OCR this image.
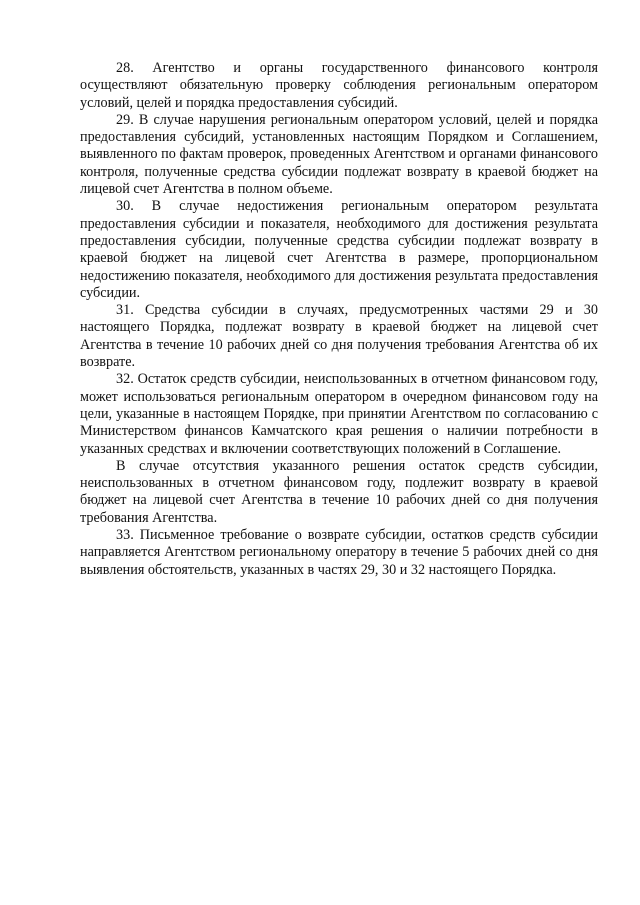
28. Агентство и органы государственного финансового контроля осуществляют обязательную проверку соблюдения региональным оператором условий, целей и порядка предоставления субсидий.

29. В случае нарушения региональным оператором условий, целей и порядка предоставления субсидий, установленных настоящим Порядком и Соглашением, выявленного по фактам проверок, проведенных Агентством и органами финансового контроля, полученные средства субсидии подлежат возврату в краевой бюджет на лицевой счет Агентства в полном объеме.

30. В случае недостижения региональным оператором результата предоставления субсидии и показателя, необходимого для достижения результата предоставления субсидии, полученные средства субсидии подлежат возврату в краевой бюджет на лицевой счет Агентства в размере, пропорциональном недостижению показателя, необходимого для достижения результата предоставления субсидии.

31. Средства субсидии в случаях, предусмотренных частями 29 и 30 настоящего Порядка, подлежат возврату в краевой бюджет на лицевой счет Агентства в течение 10 рабочих дней со дня получения требования Агентства об их возврате.

32. Остаток средств субсидии, неиспользованных в отчетном финансовом году, может использоваться региональным оператором в очередном финансовом году на цели, указанные в настоящем Порядке, при принятии Агентством по согласованию с Министерством финансов Камчатского края решения о наличии потребности в указанных средствах и включении соответствующих положений в Соглашение.

В случае отсутствия указанного решения остаток средств субсидии, неиспользованных в отчетном финансовом году, подлежит возврату в краевой бюджет на лицевой счет Агентства в течение 10 рабочих дней со дня получения требования Агентства.

33. Письменное требование о возврате субсидии, остатков средств субсидии направляется Агентством региональному оператору в течение 5 рабочих дней со дня выявления обстоятельств, указанных в частях 29, 30 и 32 настоящего Порядка.
